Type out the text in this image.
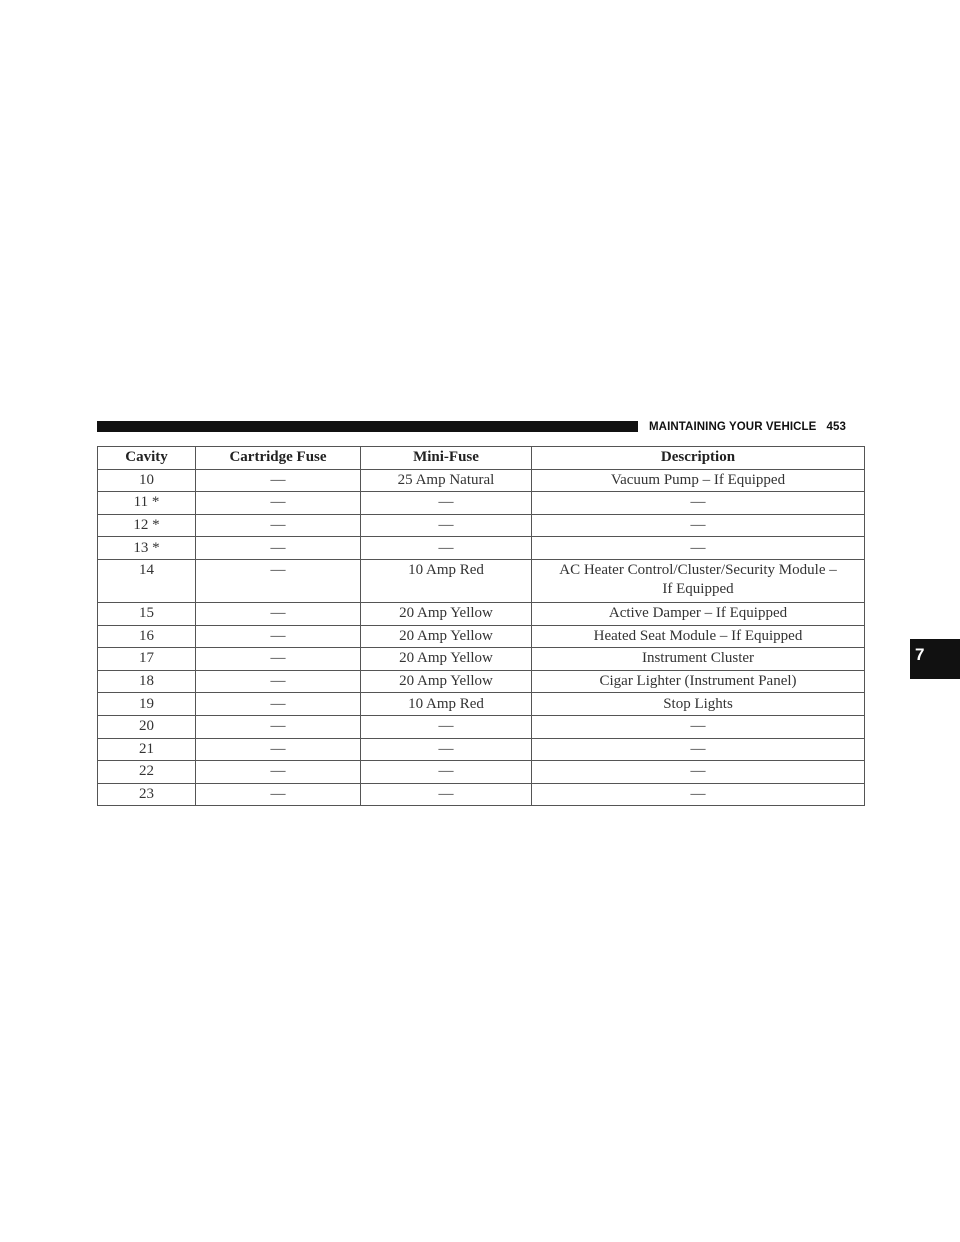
MAINTAINING YOUR VEHICLE 453
7
Cavity	Cartridge Fuse	Mini-Fuse	Description
10	—	25 Amp Natural	Vacuum Pump – If Equipped
11 *	—	—	—
12 *	—	—	—
13 *	—	—	—
14	—	10 Amp Red	AC Heater Control/Cluster/Security Module –
If Equipped
15	—	20 Amp Yellow	Active Damper – If Equipped
16	—	20 Amp Yellow	Heated Seat Module – If Equipped
17	—	20 Amp Yellow	Instrument Cluster
18	—	20 Amp Yellow	Cigar Lighter (Instrument Panel)
19	—	10 Amp Red	Stop Lights
20	—	—	—
21	—	—	—
22	—	—	—
23	—	—	—
